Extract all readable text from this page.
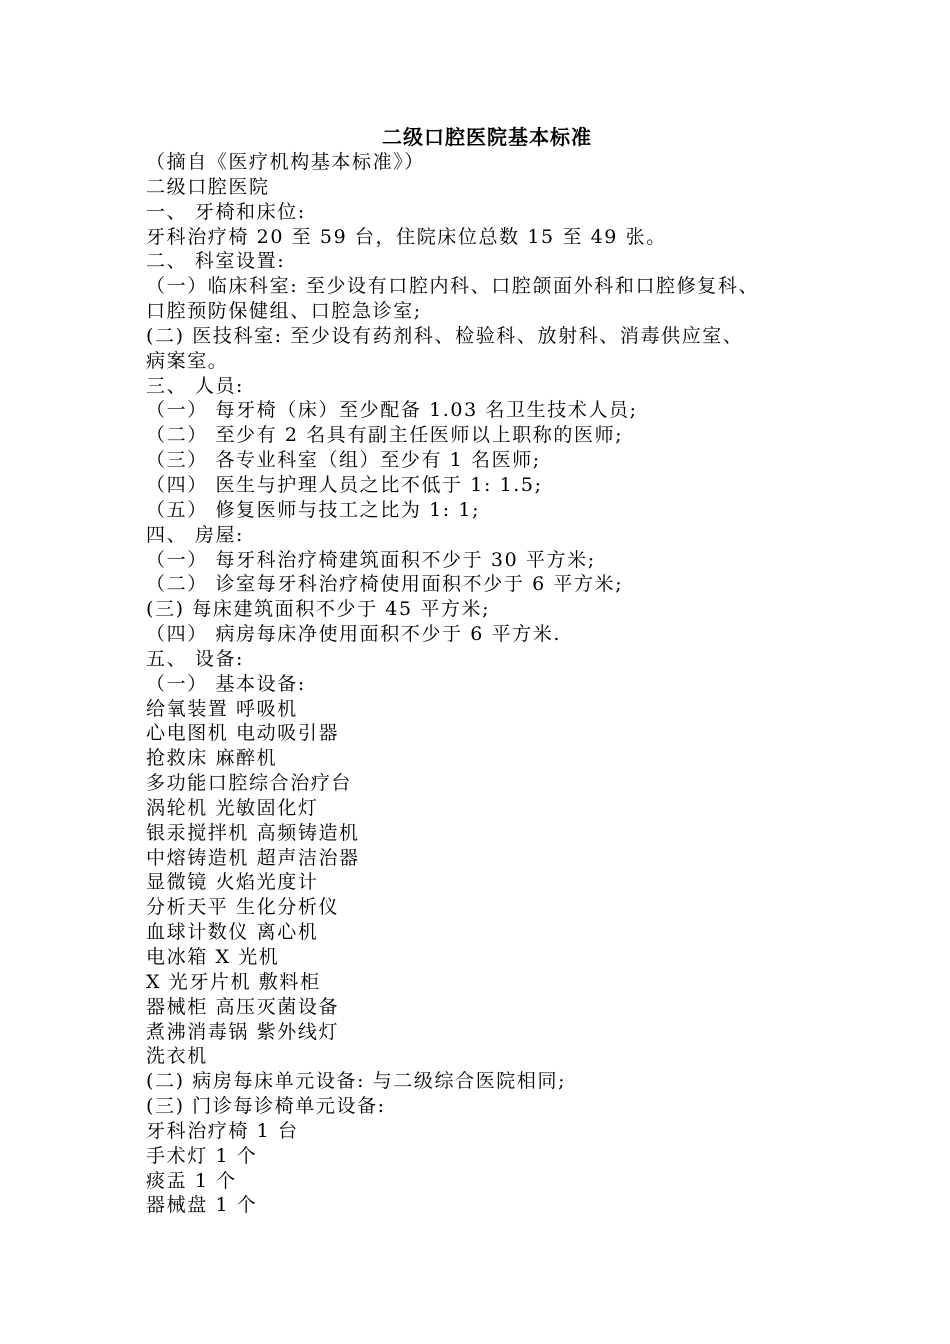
二级口腔医院基本标准
（摘自《医疗机构基本标准》）
二级口腔医院
一、 牙椅和床位:
牙科治疗椅 20 至 59 台，住院床位总数 15 至 49 张。
二、 科室设置:
（一）临床科室: 至少设有口腔内科、口腔颌面外科和口腔修复科、
口腔预防保健组、口腔急诊室;
(二) 医技科室: 至少设有药剂科、检验科、放射科、消毒供应室、
病案室。
三、 人员:
（一） 每牙椅（床）至少配备 1.03 名卫生技术人员;
（二） 至少有 2 名具有副主任医师以上职称的医师;
（三） 各专业科室（组）至少有 1 名医师;
（四） 医生与护理人员之比不低于 1: 1.5;
（五） 修复医师与技工之比为 1: 1;
四、 房屋:
（一） 每牙科治疗椅建筑面积不少于 30 平方米;
（二） 诊室每牙科治疗椅使用面积不少于 6 平方米;
(三) 每床建筑面积不少于 45 平方米;
（四） 病房每床净使用面积不少于 6 平方米.
五、 设备:
（一） 基本设备:
给氧装置 呼吸机
心电图机 电动吸引器
抢救床 麻醉机
多功能口腔综合治疗台
涡轮机 光敏固化灯
银汞搅拌机 高频铸造机
中熔铸造机 超声洁治器
显微镜 火焰光度计
分析天平 生化分析仪
血球计数仪 离心机
电冰箱 X 光机
X 光牙片机 敷料柜
器械柜 高压灭菌设备
煮沸消毒锅 紫外线灯
洗衣机
(二) 病房每床单元设备: 与二级综合医院相同;
(三) 门诊每诊椅单元设备:
牙科治疗椅 1 台
手术灯 1 个
痰盂 1 个
器械盘 1 个
